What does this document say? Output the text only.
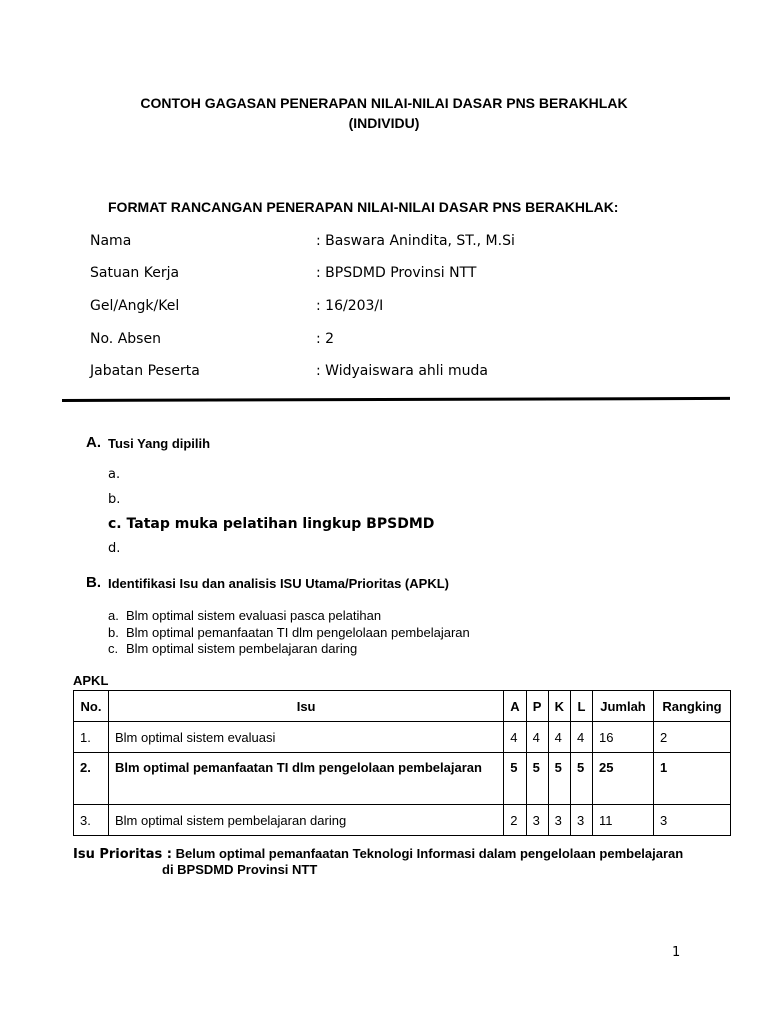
CONTOH GAGASAN PENERAPAN NILAI-NILAI DASAR PNS BERAKHLAK
(INDIVIDU)
FORMAT RANCANGAN PENERAPAN NILAI-NILAI DASAR PNS BERAKHLAK:
Nama	: Baswara Anindita, ST., M.Si
Satuan Kerja	: BPSDMD Provinsi NTT
Gel/Angk/Kel	: 16/203/I
No. Absen	: 2
Jabatan Peserta	: Widyaiswara ahli muda
A. Tusi Yang dipilih
a.
b.
c. Tatap muka pelatihan lingkup BPSDMD
d.
B. Identifikasi Isu dan analisis ISU Utama/Prioritas (APKL)
a. Blm optimal sistem evaluasi pasca pelatihan
b. Blm optimal pemanfaatan TI dlm pengelolaan pembelajaran
c. Blm optimal sistem pembelajaran daring
APKL
No.	Isu	A	P	K	L	Jumlah	Rangking
1.	Blm optimal sistem evaluasi	4	4	4	4	16	2
2.	Blm optimal pemanfaatan TI dlm pengelolaan pembelajaran	5	5	5	5	25	1
3.	Blm optimal sistem pembelajaran daring	2	3	3	3	11	3
Isu Prioritas : Belum optimal pemanfaatan Teknologi Informasi dalam pengelolaan pembelajaran
di BPSDMD Provinsi NTT
1
